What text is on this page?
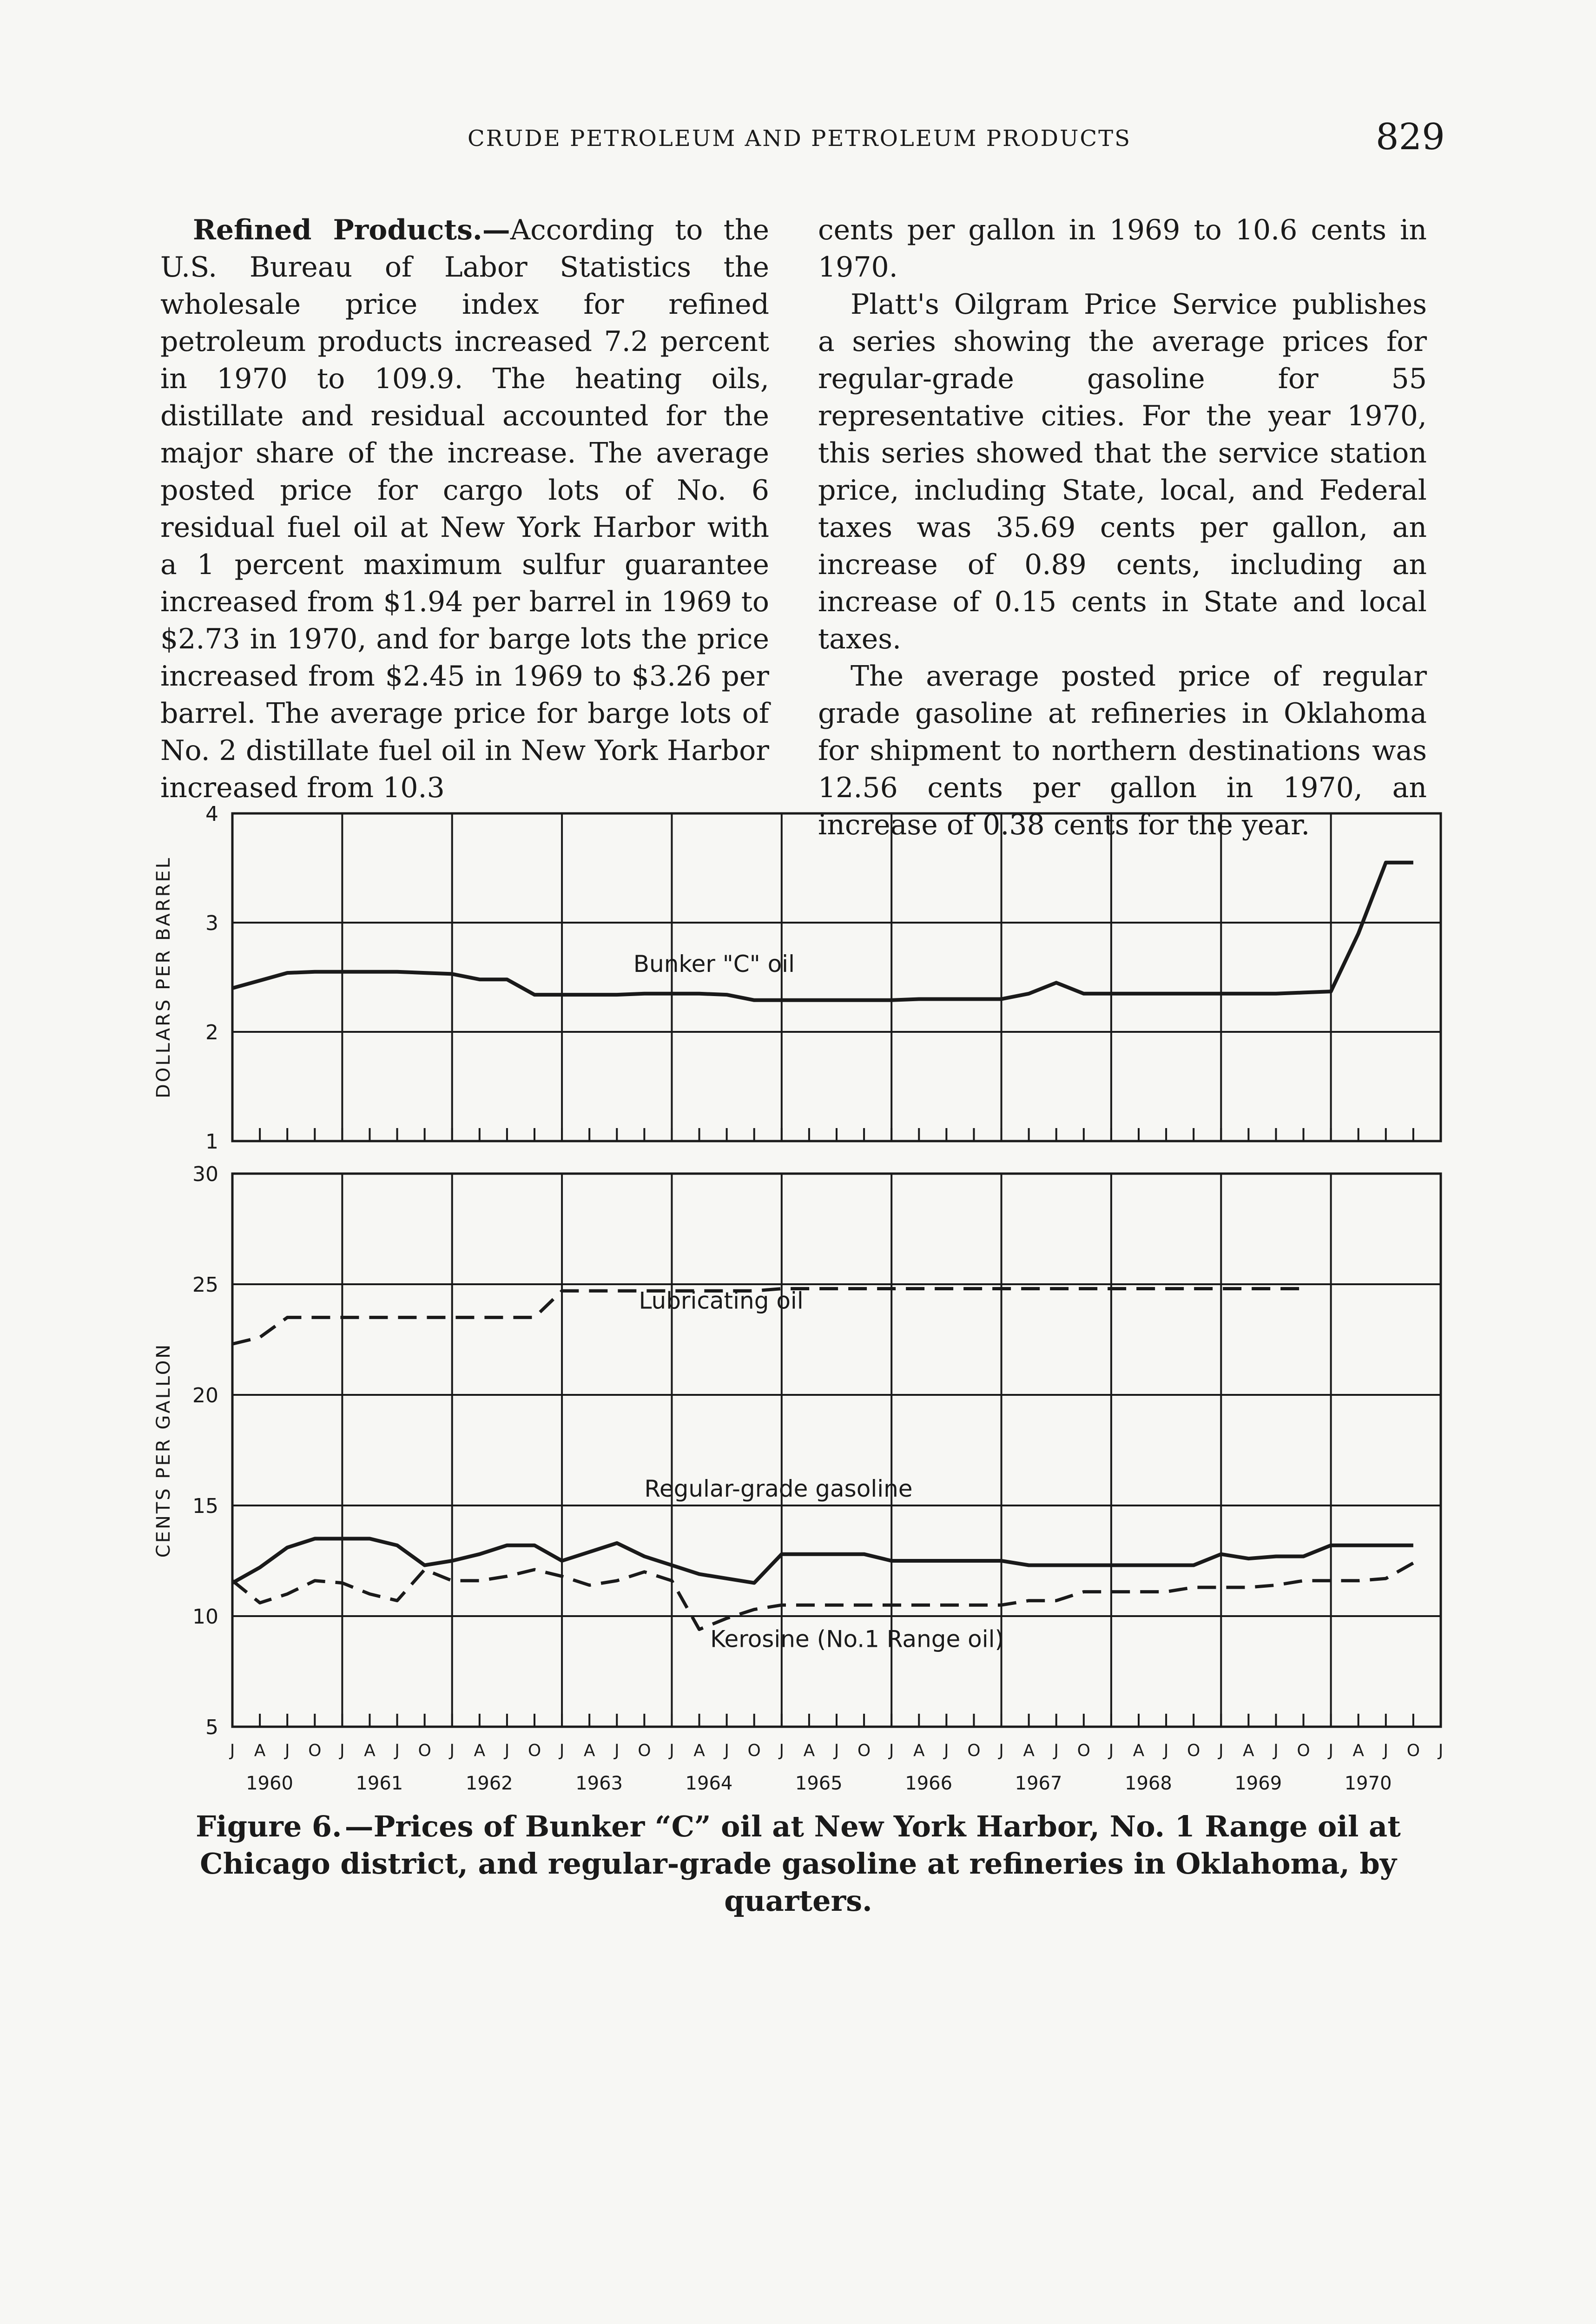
CRUDE PETROLEUM AND PETROLEUM PRODUCTS	829

Refined Products.—According to the U.S. Bureau of Labor Statistics the wholesale price index for refined petroleum products increased 7.2 percent in 1970 to 109.9. The heating oils, distillate and residual accounted for the major share of the increase. The average posted price for cargo lots of No. 6 residual fuel oil at New York Harbor with a 1 percent maximum sulfur guarantee increased from $1.94 per barrel in 1969 to $2.73 in 1970, and for barge lots the price increased from $2.45 in 1969 to $3.26 per barrel. The average price for barge lots of No. 2 distillate fuel oil in New York Harbor increased from 10.3

cents per gallon in 1969 to 10.6 cents in 1970.

Platt's Oilgram Price Service publishes a series showing the average prices for regular-grade gasoline for 55 representative cities. For the year 1970, this series showed that the service station price, including State, local, and Federal taxes was 35.69 cents per gallon, an increase of 0.89 cents, including an increase of 0.15 cents in State and local taxes.

The average posted price of regular grade gasoline at refineries in Oklahoma for shipment to northern destinations was 12.56 cents per gallon in 1970, an increase of 0.38 cents for the year.

1
2
3
4
DOLLARS PER BARREL	Bunker "C" oil
5
10
15
20
25
30
CENTS PER GALLON
Lubricating oil
Regular-grade gasoline
Kerosine (No.1 Range oil)
J A J O J A J O J A J O J A J O J A J O J A J O J A J O J A J O J A J O J A J O J A J O J
1960	1961	1962	1963	1964	1965	1966	1967	1968	1969	1970
Figure 6.—Prices of Bunker “C” oil at New York Harbor, No. 1 Range oil at Chicago district, and regular-grade gasoline at refineries in Oklahoma, by quarters.
